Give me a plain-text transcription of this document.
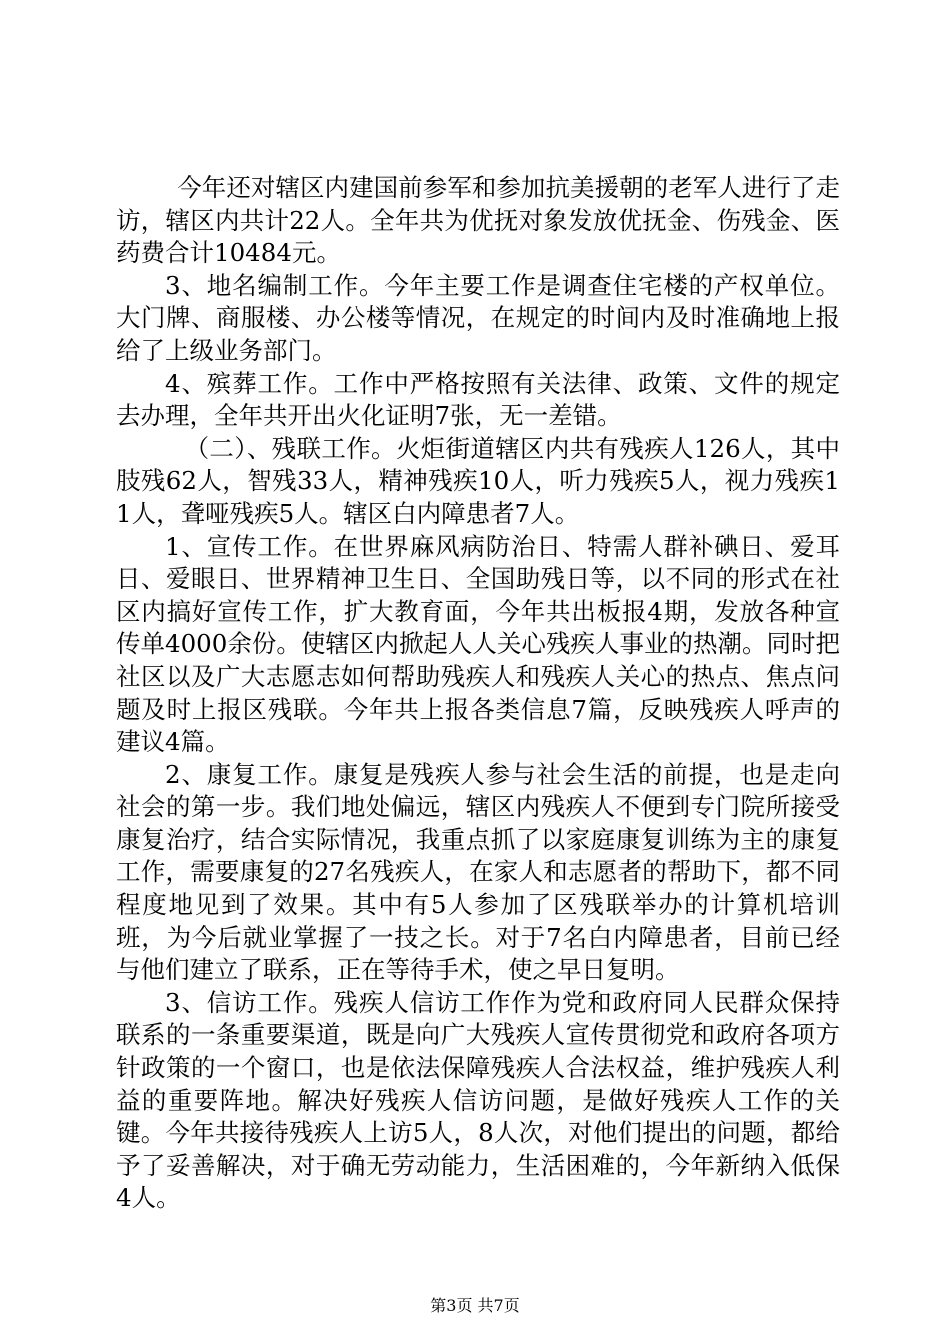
今年还对辖区内建国前参军和参加抗美援朝的老军人进行了走访，辖区内共计22人。全年共为优抚对象发放优抚金、伤残金、医药费合计10484元。

3、地名编制工作。今年主要工作是调查住宅楼的产权单位。大门牌、商服楼、办公楼等情况，在规定的时间内及时准确地上报给了上级业务部门。

4、殡葬工作。工作中严格按照有关法律、政策、文件的规定去办理，全年共开出火化证明7张，无一差错。

（二）、残联工作。火炬街道辖区内共有残疾人126人，其中肢残62人，智残33人，精神残疾10人，听力残疾5人，视力残疾11人，聋哑残疾5人。辖区白内障患者7人。

1、宣传工作。在世界麻风病防治日、特需人群补碘日、爱耳日、爱眼日、世界精神卫生日、全国助残日等，以不同的形式在社区内搞好宣传工作，扩大教育面，今年共出板报4期，发放各种宣传单4000余份。使辖区内掀起人人关心残疾人事业的热潮。同时把社区以及广大志愿志如何帮助残疾人和残疾人关心的热点、焦点问题及时上报区残联。今年共上报各类信息7篇，反映残疾人呼声的建议4篇。

2、康复工作。康复是残疾人参与社会生活的前提，也是走向社会的第一步。我们地处偏远，辖区内残疾人不便到专门院所接受康复治疗，结合实际情况，我重点抓了以家庭康复训练为主的康复工作，需要康复的27名残疾人，在家人和志愿者的帮助下，都不同程度地见到了效果。其中有5人参加了区残联举办的计算机培训班，为今后就业掌握了一技之长。对于7名白内障患者，目前已经与他们建立了联系，正在等待手术，使之早日复明。

3、信访工作。残疾人信访工作作为党和政府同人民群众保持联系的一条重要渠道，既是向广大残疾人宣传贯彻党和政府各项方针政策的一个窗口，也是依法保障残疾人合法权益，维护残疾人利益的重要阵地。解决好残疾人信访问题，是做好残疾人工作的关键。今年共接待残疾人上访5人，8人次，对他们提出的问题，都给予了妥善解决，对于确无劳动能力，生活困难的，今年新纳入低保4人。

第3页 共7页
